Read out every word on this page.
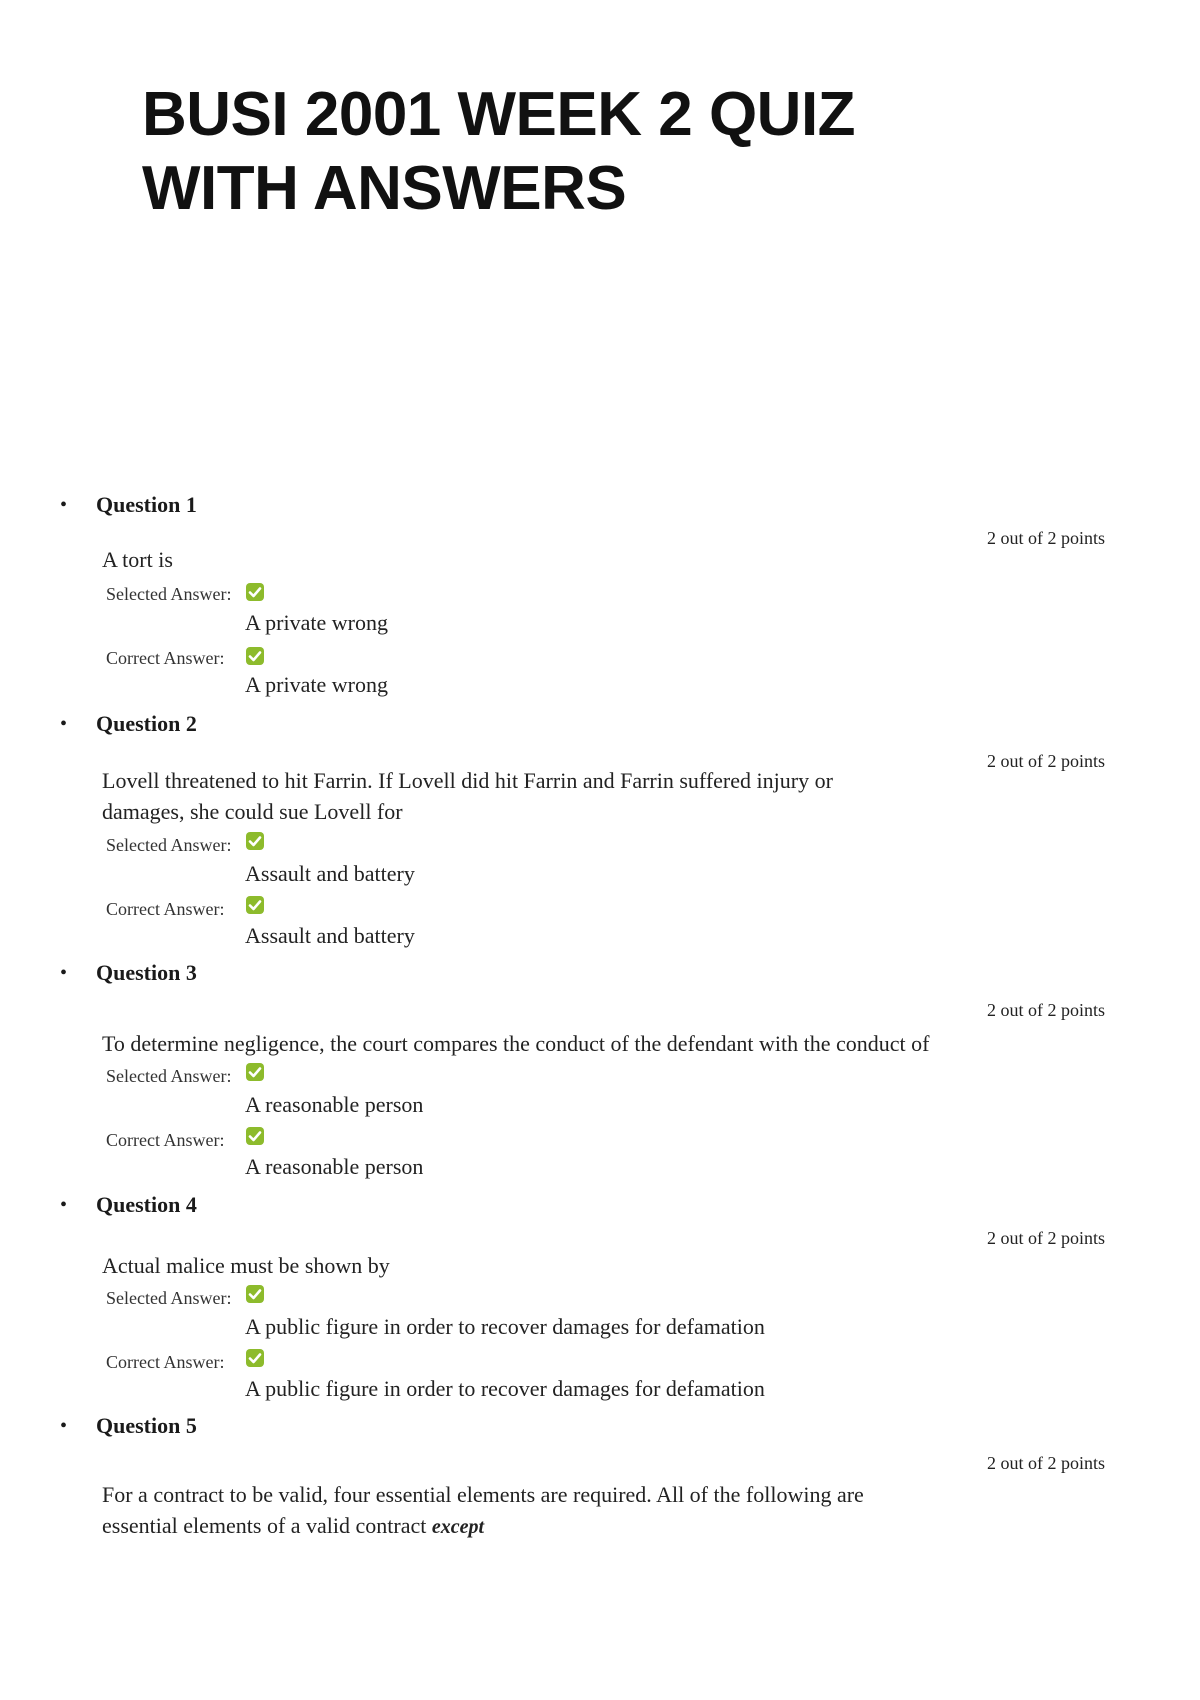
BUSI 2001 WEEK 2 QUIZ
WITH ANSWERS
• Question 1
2 out of 2 points
A tort is
Selected Answer:
A private wrong
Correct Answer:
A private wrong
• Question 2
2 out of 2 points
Lovell threatened to hit Farrin. If Lovell did hit Farrin and Farrin suffered injury or
damages, she could sue Lovell for
Selected Answer:
Assault and battery
Correct Answer:
Assault and battery
• Question 3
2 out of 2 points
To determine negligence, the court compares the conduct of the defendant with the conduct of
Selected Answer:
A reasonable person
Correct Answer:
A reasonable person
• Question 4
2 out of 2 points
Actual malice must be shown by
Selected Answer:
A public figure in order to recover damages for defamation
Correct Answer:
A public figure in order to recover damages for defamation
• Question 5
2 out of 2 points
For a contract to be valid, four essential elements are required. All of the following are
essential elements of a valid contract except
